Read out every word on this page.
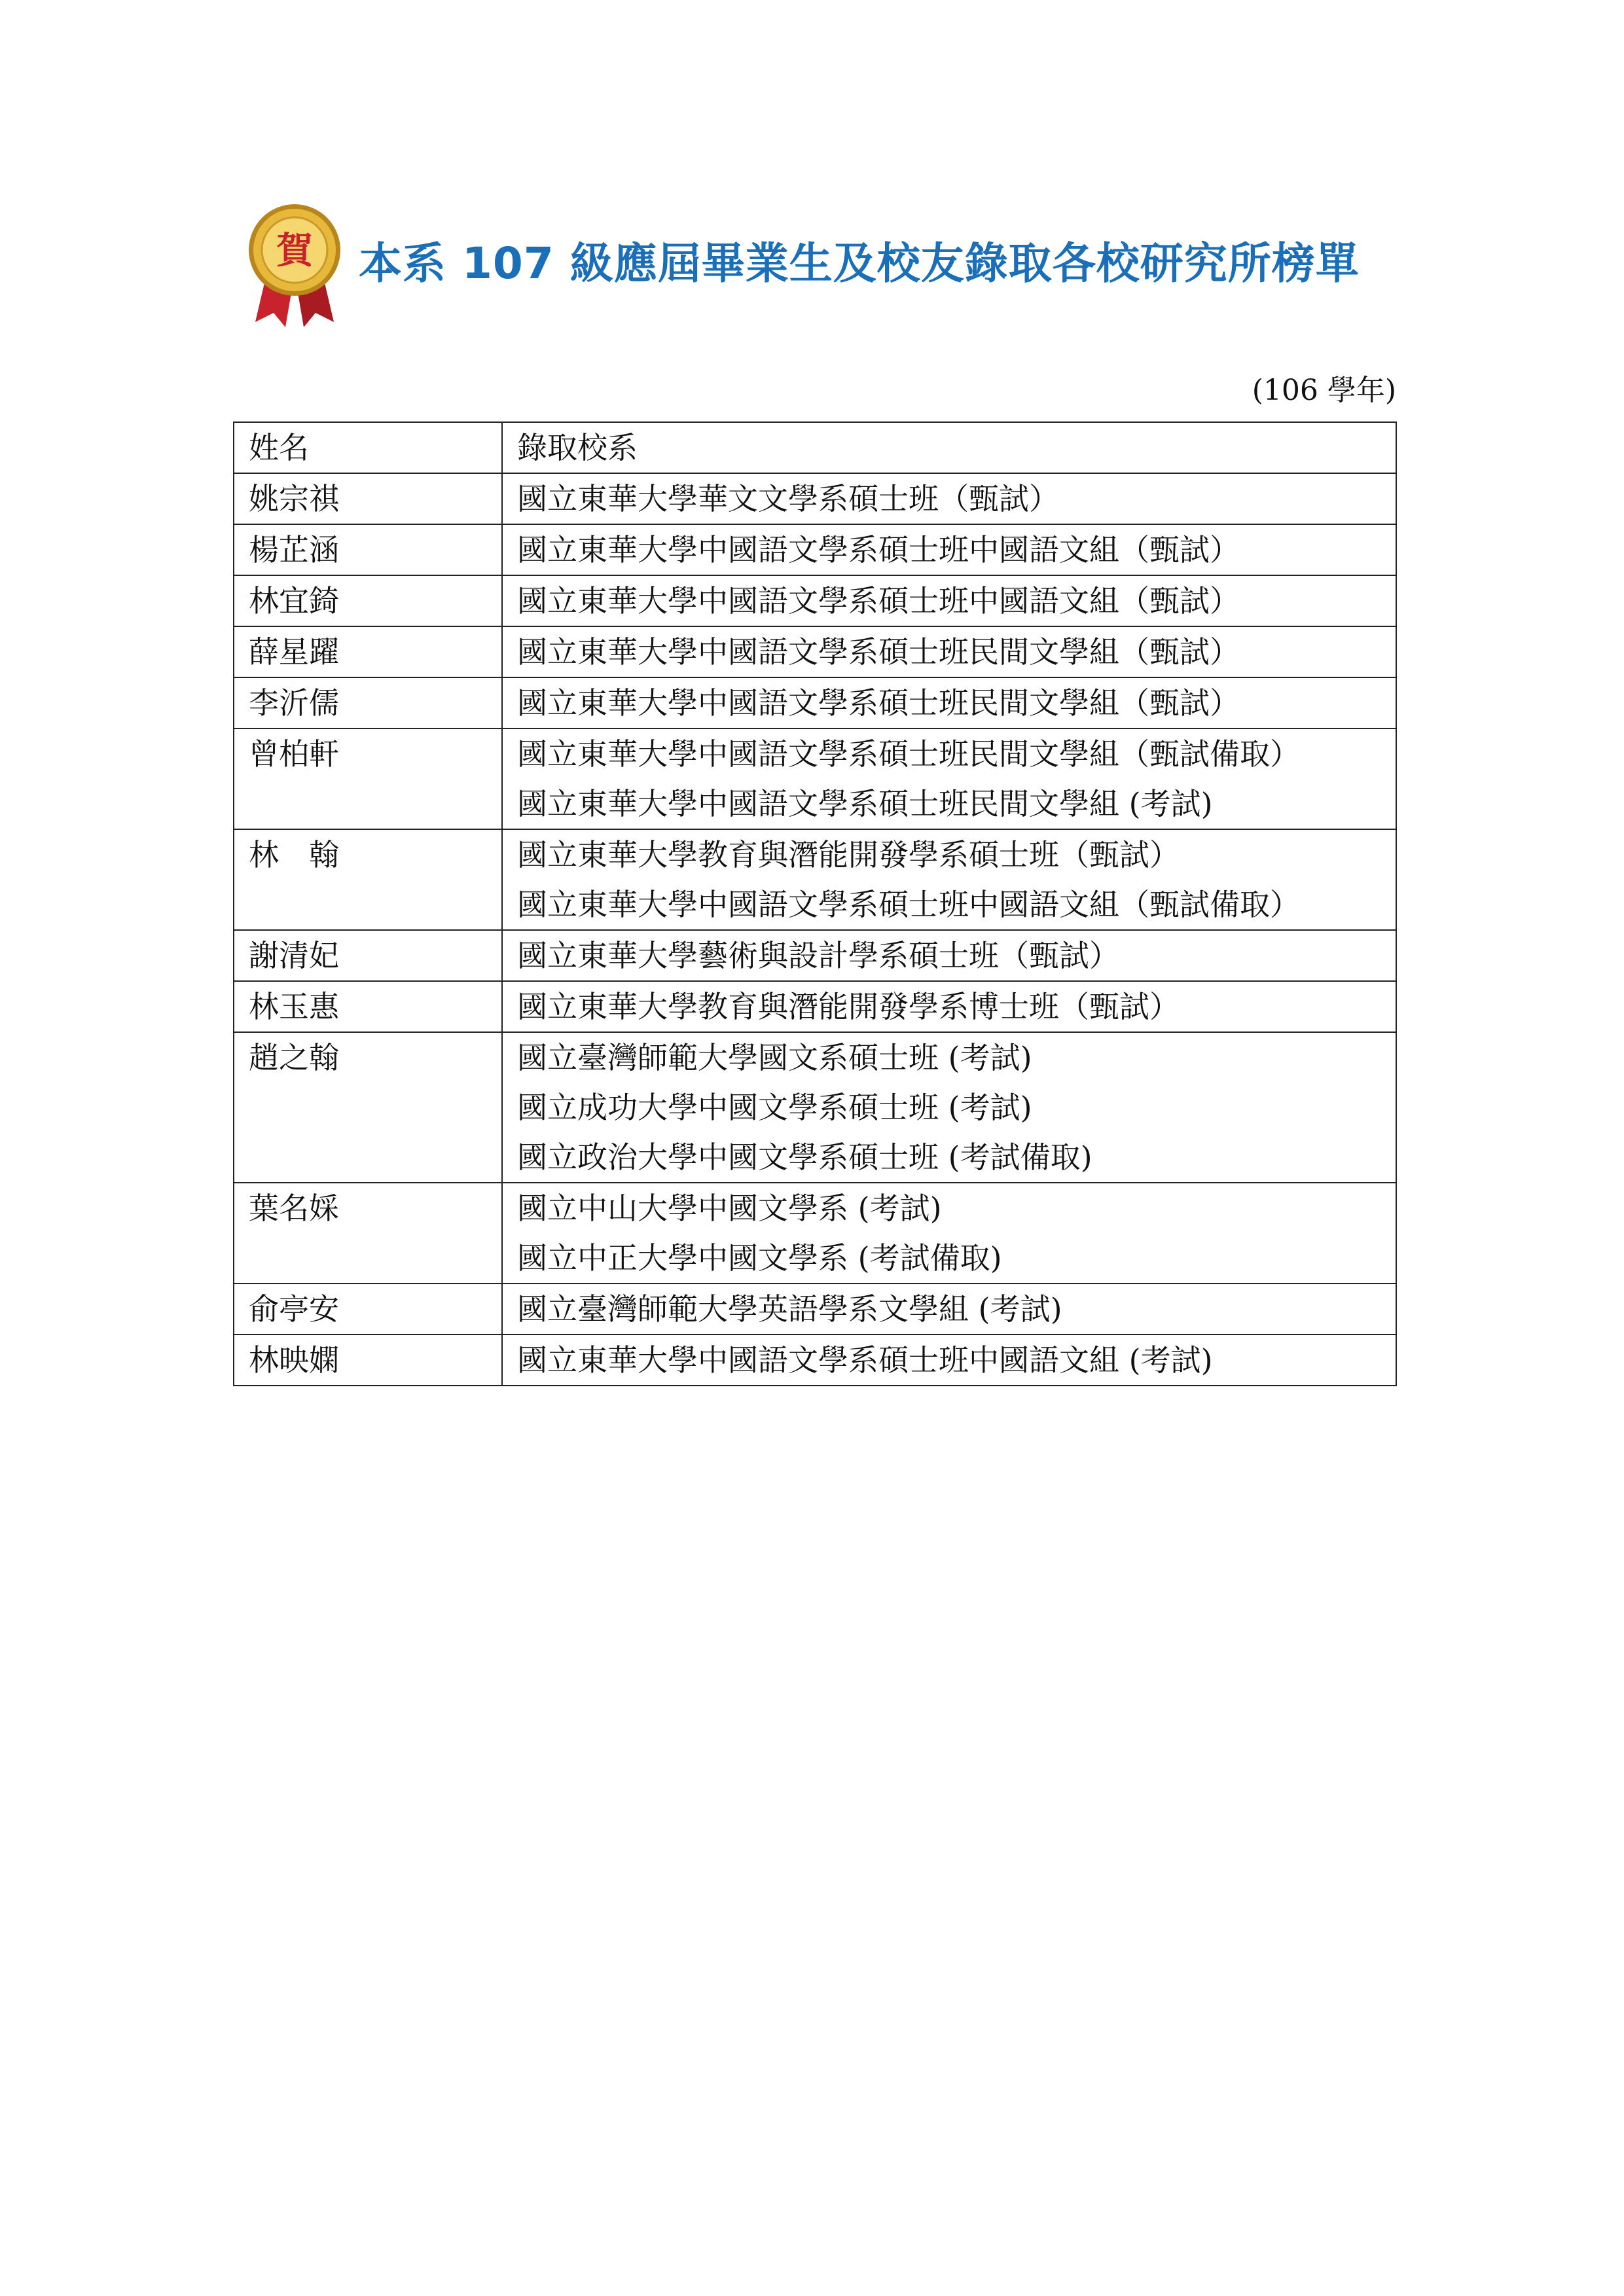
賀 本系 107 級應屆畢業生及校友錄取各校研究所榜單
(106 學年)
姓名	錄取校系
姚宗祺	國立東華大學華文文學系碩士班（甄試）

楊芷涵	國立東華大學中國語文學系碩士班中國語文組（甄試）

林宜錡	國立東華大學中國語文學系碩士班中國語文組（甄試）

薛星躍	國立東華大學中國語文學系碩士班民間文學組（甄試）

李沂儒	國立東華大學中國語文學系碩士班民間文學組（甄試）

曾柏軒	國立東華大學中國語文學系碩士班民間文學組（甄試備取）
國立東華大學中國語文學系碩士班民間文學組 (考試)

林　翰	國立東華大學教育與潛能開發學系碩士班（甄試）
國立東華大學中國語文學系碩士班中國語文組（甄試備取）

謝清妃	國立東華大學藝術與設計學系碩士班（甄試）

林玉惠	國立東華大學教育與潛能開發學系博士班（甄試）

趙之翰	國立臺灣師範大學國文系碩士班 (考試)
國立成功大學中國文學系碩士班 (考試)
國立政治大學中國文學系碩士班 (考試備取)

葉名婇	國立中山大學中國文學系 (考試)
國立中正大學中國文學系 (考試備取)

俞亭安	國立臺灣師範大學英語學系文學組 (考試)

林映嫻	國立東華大學中國語文學系碩士班中國語文組 (考試)
